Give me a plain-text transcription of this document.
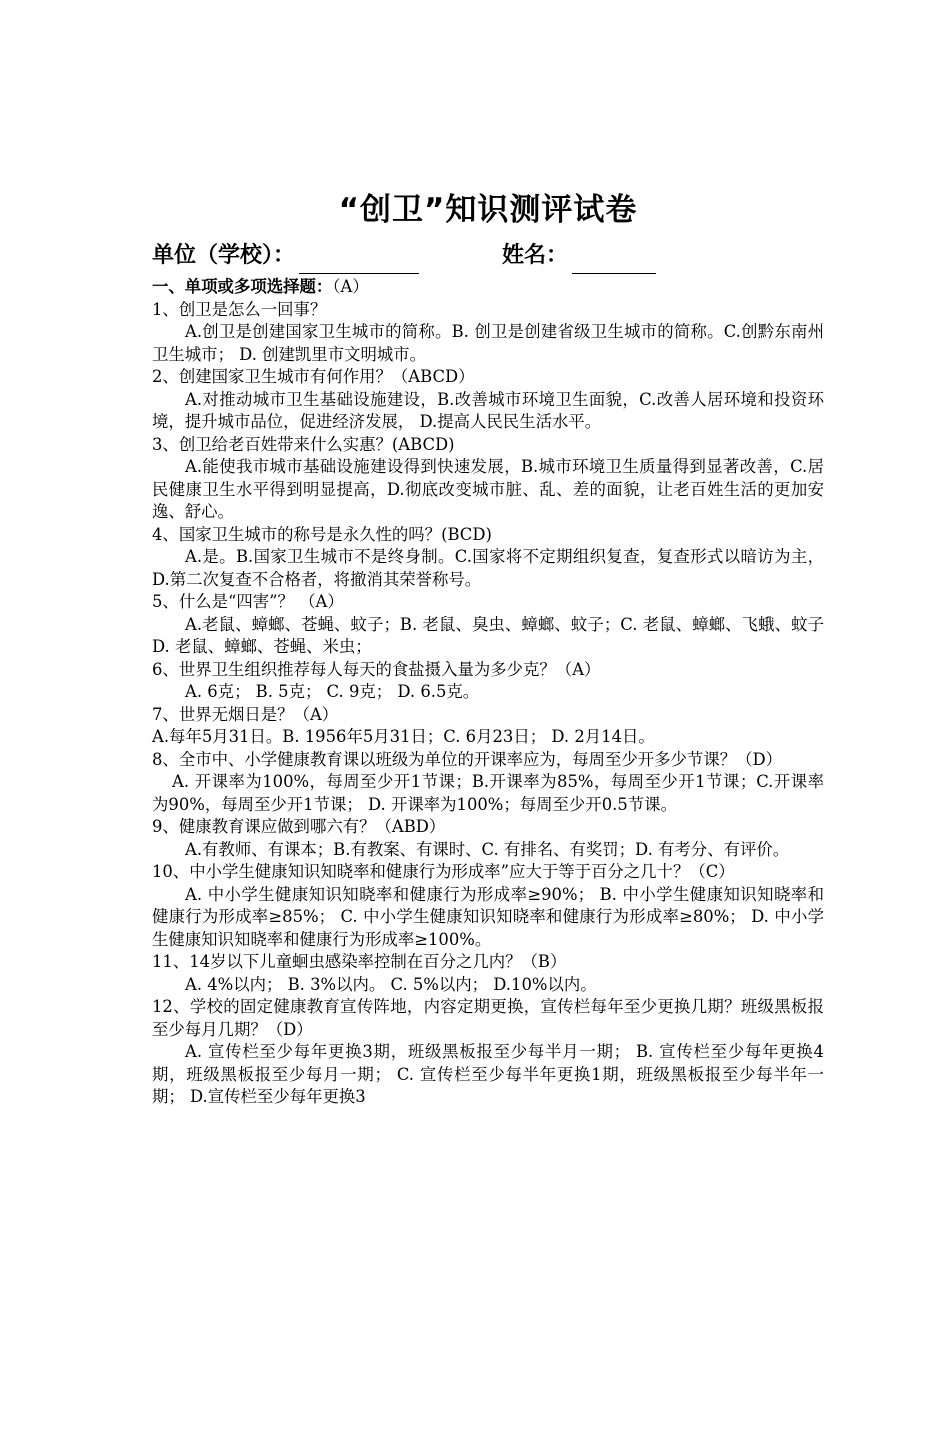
“创卫”知识测评试卷
单位（学校）：	姓名：
一、单项或多项选择题：（A）
1、创卫是怎么一回事？
A.创卫是创建国家卫生城市的简称。B. 创卫是创建省级卫生城市的简称。C.创黔东南州卫生城市； D. 创建凯里市文明城市。
2、创建国家卫生城市有何作用？（ABCD）
A.对推动城市卫生基础设施建设，B.改善城市环境卫生面貌，C.改善人居环境和投资环境，提升城市品位，促进经济发展， D.提高人民民生活水平。
3、创卫给老百姓带来什么实惠？(ABCD)
A.能使我市城市基础设施建设得到快速发展，B.城市环境卫生质量得到显著改善，C.居民健康卫生水平得到明显提高，D.彻底改变城市脏、乱、差的面貌，让老百姓生活的更加安逸、舒心。
4、国家卫生城市的称号是永久性的吗？(BCD)
A.是。B.国家卫生城市不是终身制。C.国家将不定期组织复查，复查形式以暗访为主，D.第二次复查不合格者，将撤消其荣誉称号。
5、什么是“四害”？ （A）
A.老鼠、蟑螂、苍蝇、蚊子；B. 老鼠、臭虫、蟑螂、蚊子；C. 老鼠、蟑螂、飞蛾、蚊子D. 老鼠、蟑螂、苍蝇、米虫；
6、世界卫生组织推荐每人每天的食盐摄入量为多少克？（A）
A. 6克； B. 5克； C. 9克； D. 6.5克。
7、世界无烟日是？（A）
A.每年5月31日。B. 1956年5月31日；C. 6月23日； D. 2月14日。
8、全市中、小学健康教育课以班级为单位的开课率应为，每周至少开多少节课？（D）
A. 开课率为100%，每周至少开1节课；B.开课率为85%，每周至少开1节课；C.开课率为90%，每周至少开1节课； D. 开课率为100%；每周至少开0.5节课。
9、健康教育课应做到哪六有？（ABD）
A.有教师、有课本；B.有教案、有课时、C. 有排名、有奖罚；D. 有考分、有评价。
10、中小学生健康知识知晓率和健康行为形成率”应大于等于百分之几十？（C）
A. 中小学生健康知识知晓率和健康行为形成率≥90%； B. 中小学生健康知识知晓率和健康行为形成率≥85%； C. 中小学生健康知识知晓率和健康行为形成率≥80%； D. 中小学生健康知识知晓率和健康行为形成率≥100%。
11、14岁以下儿童蛔虫感染率控制在百分之几内？（B）
A. 4%以内； B. 3%以内。 C. 5%以内； D.10%以内。
12、学校的固定健康教育宣传阵地，内容定期更换，宣传栏每年至少更换几期？班级黑板报至少每月几期？（D）
A. 宣传栏至少每年更换3期，班级黑板报至少每半月一期； B. 宣传栏至少每年更换4期，班级黑板报至少每月一期； C. 宣传栏至少每半年更换1期，班级黑板报至少每半年一期； D.宣传栏至少每年更换3
